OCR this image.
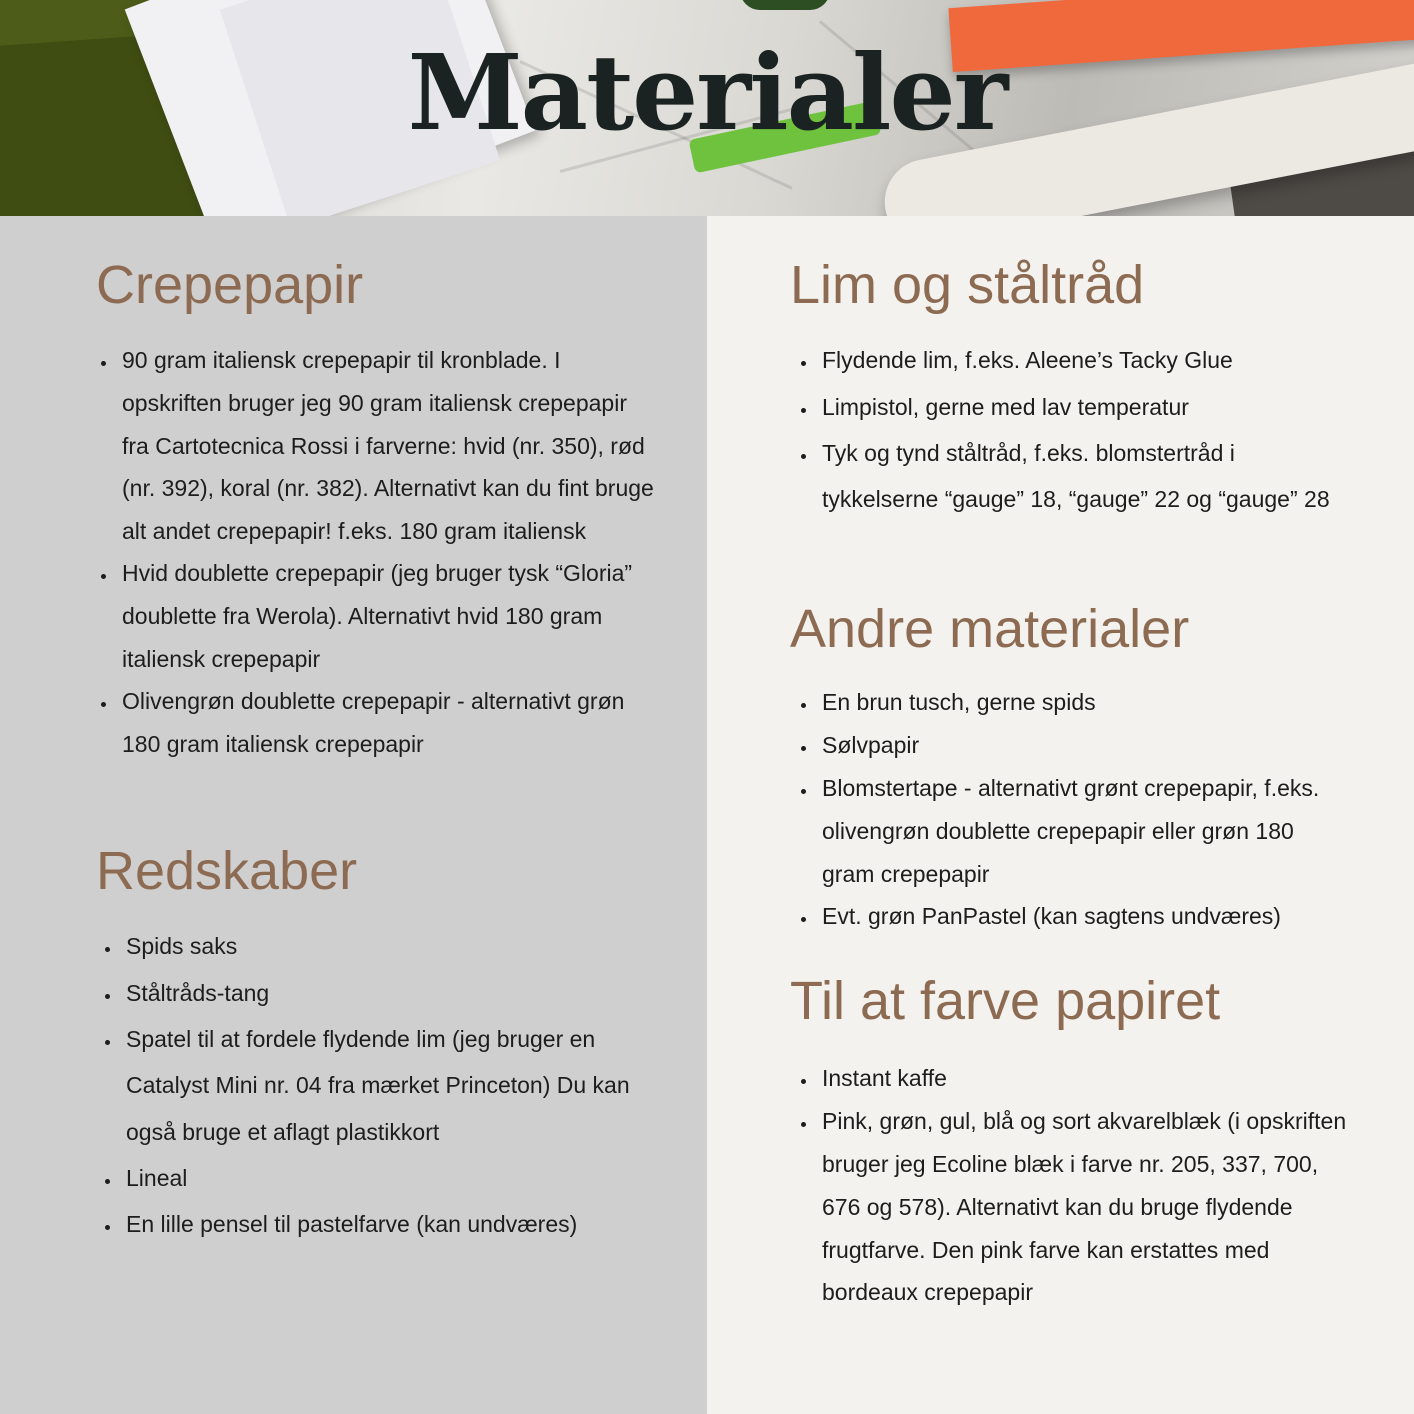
Materialer
Crepepapir
• 90 gram italiensk crepepapir til kronblade. I opskriften bruger jeg 90 gram italiensk crepepapir fra Cartotecnica Rossi i farverne: hvid (nr. 350), rød (nr. 392), koral (nr. 382). Alternativt kan du fint bruge alt andet crepepapir! f.eks. 180 gram italiensk
• Hvid doublette crepepapir (jeg bruger tysk “Gloria” doublette fra Werola). Alternativt hvid 180 gram italiensk crepepapir
• Olivengrøn doublette crepepapir - alternativt grøn 180 gram italiensk crepepapir
Redskaber
• Spids saks
• Ståltråds-tang
• Spatel til at fordele flydende lim (jeg bruger en Catalyst Mini nr. 04 fra mærket Princeton) Du kan også bruge et aflagt plastikkort
• Lineal
• En lille pensel til pastelfarve (kan undværes)
Lim og ståltråd
• Flydende lim, f.eks. Aleene’s Tacky Glue
• Limpistol, gerne med lav temperatur
• Tyk og tynd ståltråd, f.eks. blomstertråd i tykkelserne “gauge” 18, “gauge” 22 og “gauge” 28
Andre materialer
• En brun tusch, gerne spids
• Sølvpapir
• Blomstertape - alternativt grønt crepepapir, f.eks. olivengrøn doublette crepepapir eller grøn 180 gram crepepapir
• Evt. grøn PanPastel (kan sagtens undværes)
Til at farve papiret
• Instant kaffe
• Pink, grøn, gul, blå og sort akvarelblæk (i opskriften bruger jeg Ecoline blæk i farve nr. 205, 337, 700, 676 og 578). Alternativt kan du bruge flydende frugtfarve. Den pink farve kan erstattes med bordeaux crepepapir
